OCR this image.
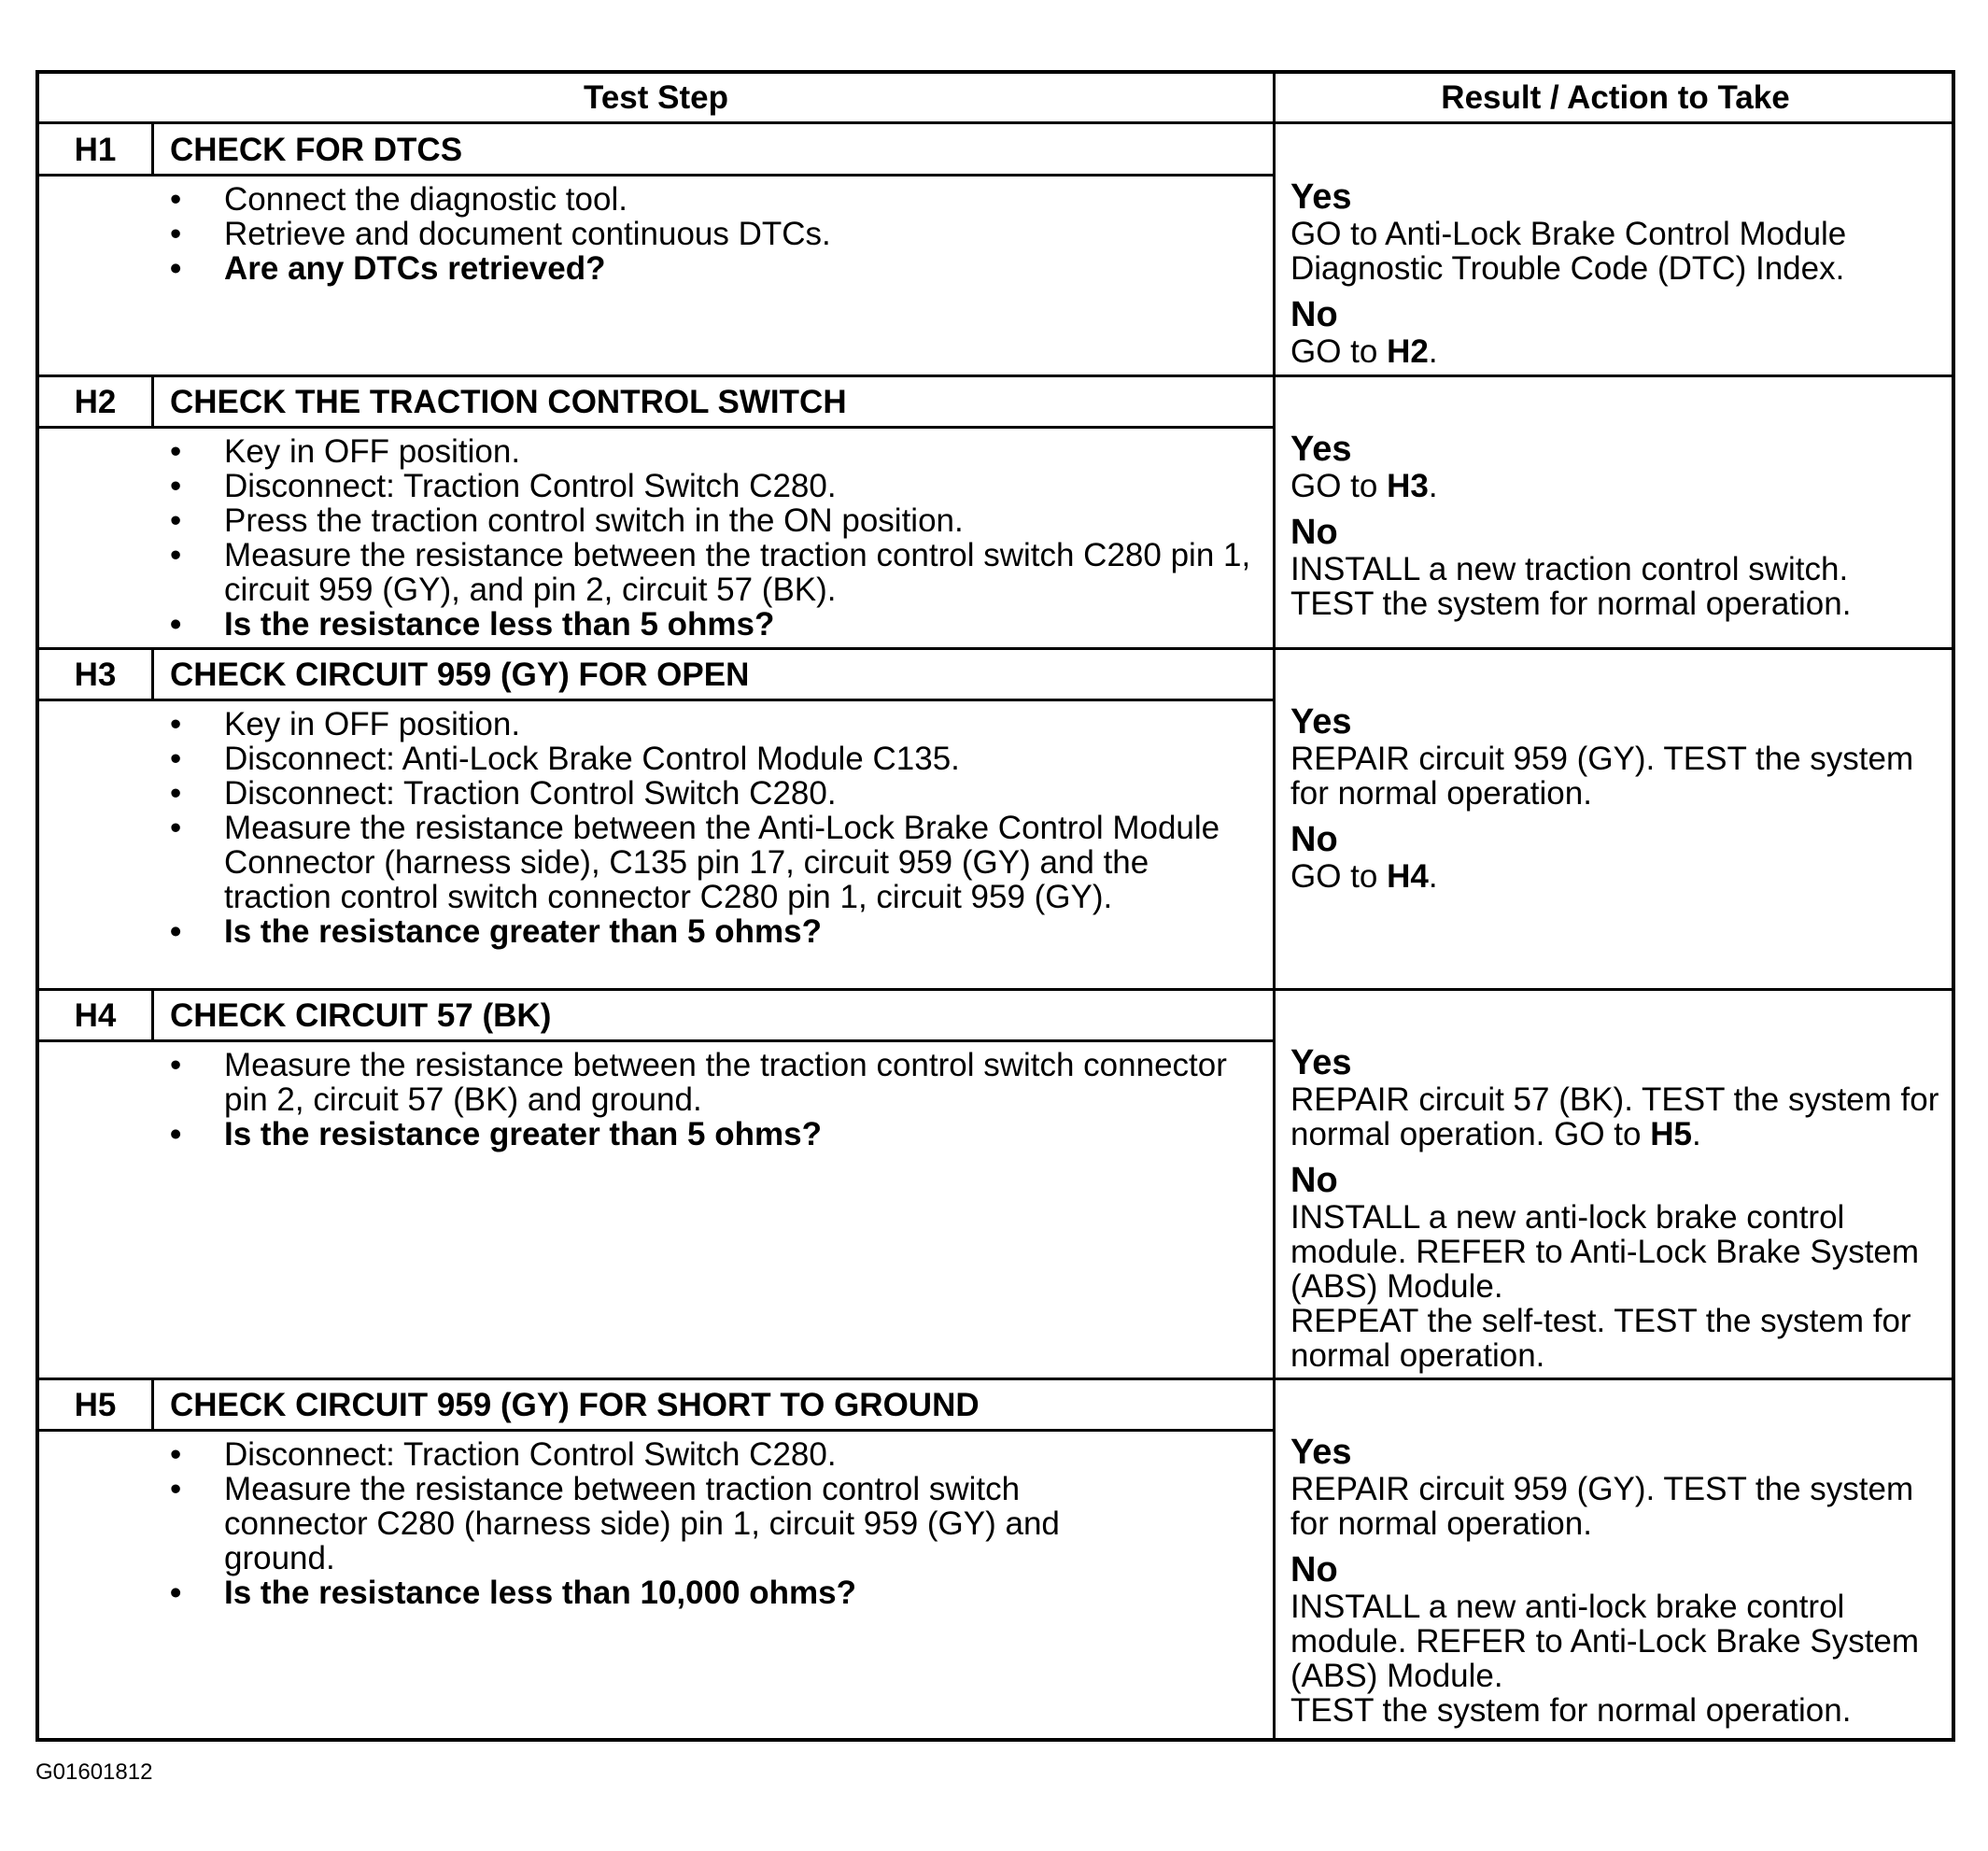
Test Step	Result / Action to Take
H1	CHECK FOR DTCS
• Connect the diagnostic tool.
• Retrieve and document continuous DTCs.
• Are any DTCs retrieved?
Yes
GO to Anti-Lock Brake Control Module Diagnostic Trouble Code (DTC) Index.
No
GO to H2.
H2	CHECK THE TRACTION CONTROL SWITCH
• Key in OFF position.
• Disconnect: Traction Control Switch C280.
• Press the traction control switch in the ON position.
• Measure the resistance between the traction control switch C280 pin 1, circuit 959 (GY), and pin 2, circuit 57 (BK).
• Is the resistance less than 5 ohms?
Yes
GO to H3.
No
INSTALL a new traction control switch.
TEST the system for normal operation.
H3	CHECK CIRCUIT 959 (GY) FOR OPEN
• Key in OFF position.
• Disconnect: Anti-Lock Brake Control Module C135.
• Disconnect: Traction Control Switch C280.
• Measure the resistance between the Anti-Lock Brake Control Module Connector (harness side), C135 pin 17, circuit 959 (GY) and the traction control switch connector C280 pin 1, circuit 959 (GY).
• Is the resistance greater than 5 ohms?
Yes
REPAIR circuit 959 (GY). TEST the system for normal operation.
No
GO to H4.
H4	CHECK CIRCUIT 57 (BK)
• Measure the resistance between the traction control switch connector pin 2, circuit 57 (BK) and ground.
• Is the resistance greater than 5 ohms?
Yes
REPAIR circuit 57 (BK). TEST the system for normal operation. GO to H5.
No
INSTALL a new anti-lock brake control module. REFER to Anti-Lock Brake System (ABS) Module.
REPEAT the self-test. TEST the system for normal operation.
H5	CHECK CIRCUIT 959 (GY) FOR SHORT TO GROUND
• Disconnect: Traction Control Switch C280.
• Measure the resistance between traction control switch connector C280 (harness side) pin 1, circuit 959 (GY) and ground.
• Is the resistance less than 10,000 ohms?
Yes
REPAIR circuit 959 (GY). TEST the system for normal operation.
No
INSTALL a new anti-lock brake control module. REFER to Anti-Lock Brake System (ABS) Module.
TEST the system for normal operation.
G01601812
